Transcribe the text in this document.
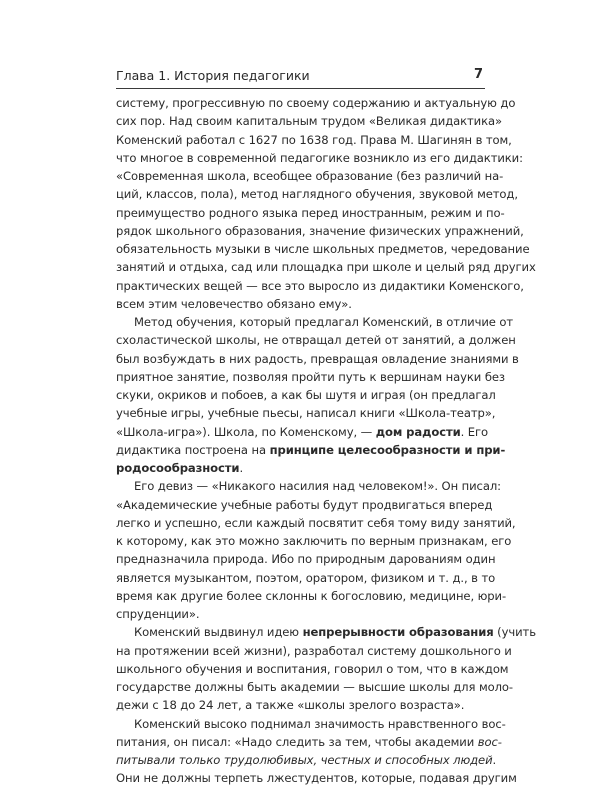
Глава 1. История педагогики	7
систему, прогрессивную по своему содержанию и актуальную до
сих пор. Над своим капитальным трудом «Великая дидактика»
Коменский работал с 1627 по 1638 год. Права М. Шагинян в том,
что многое в современной педагогике возникло из его дидактики:
«Современная школа, всеобщее образование (без различий на-
ций, классов, пола), метод наглядного обучения, звуковой метод,
преимущество родного языка перед иностранным, режим и по-
рядок школьного образования, значение физических упражнений,
обязательность музыки в числе школьных предметов, чередование
занятий и отдыха, сад или площадка при школе и целый ряд других
практических вещей — все это выросло из дидактики Коменского,
всем этим человечество обязано ему».
Метод обучения, который предлагал Коменский, в отличие от
схоластической школы, не отвращал детей от занятий, а должен
был возбуждать в них радость, превращая овладение знаниями в
приятное занятие, позволяя пройти путь к вершинам науки без
скуки, окриков и побоев, а как бы шутя и играя (он предлагал
учебные игры, учебные пьесы, написал книги «Школа-театр»,
«Школа-игра»). Школа, по Коменскому, — дом радости. Его
дидактика построена на принципе целесообразности и при-
родосообразности.
Его девиз — «Никакого насилия над человеком!». Он писал:
«Академические учебные работы будут продвигаться вперед
легко и успешно, если каждый посвятит себя тому виду занятий,
к которому, как это можно заключить по верным признакам, его
предназначила природа. Ибо по природным дарованиям один
является музыкантом, поэтом, оратором, физиком и т. д., в то
время как другие более склонны к богословию, медицине, юри-
спруденции».
Коменский выдвинул идею непрерывности образования (учить
на протяжении всей жизни), разработал систему дошкольного и
школьного обучения и воспитания, говорил о том, что в каждом
государстве должны быть академии — высшие школы для моло-
дежи с 18 до 24 лет, а также «школы зрелого возраста».
Коменский высоко поднимал значимость нравственного вос-
питания, он писал: «Надо следить за тем, чтобы академии вос-
питывали только трудолюбивых, честных и способных людей.
Они не должны терпеть лжестудентов, которые, подавая другим
